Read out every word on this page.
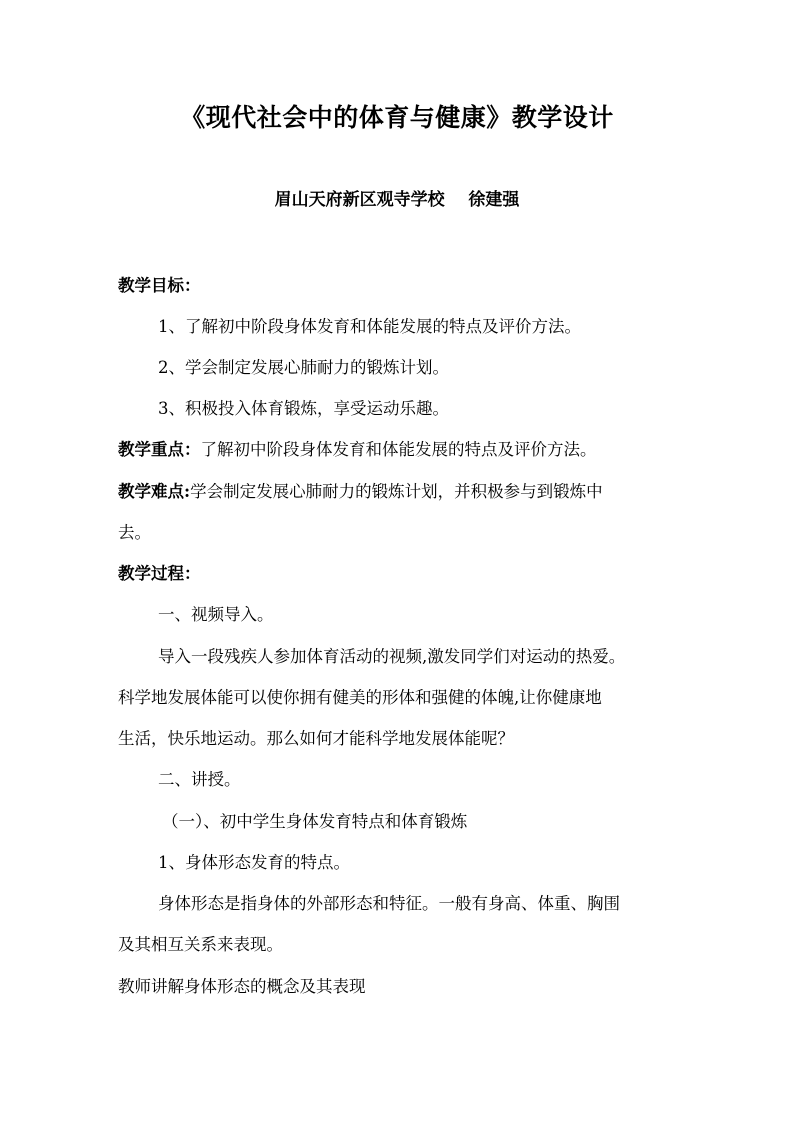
《现代社会中的体育与健康》教学设计
眉山天府新区观寺学校    徐建强
教学目标：
1、了解初中阶段身体发育和体能发展的特点及评价方法。
2、学会制定发展心肺耐力的锻炼计划。
3、积极投入体育锻炼，享受运动乐趣。
教学重点：了解初中阶段身体发育和体能发展的特点及评价方法。
教学难点:学会制定发展心肺耐力的锻炼计划，并积极参与到锻炼中
去。
教学过程：
一、视频导入。
导入一段残疾人参加体育活动的视频,激发同学们对运动的热爱。
科学地发展体能可以使你拥有健美的形体和强健的体魄,让你健康地
生活，快乐地运动。那么如何才能科学地发展体能呢？
二、讲授。
（一）、初中学生身体发育特点和体育锻炼
1、身体形态发育的特点。
身体形态是指身体的外部形态和特征。一般有身高、体重、胸围
及其相互关系来表现。
教师讲解身体形态的概念及其表现
